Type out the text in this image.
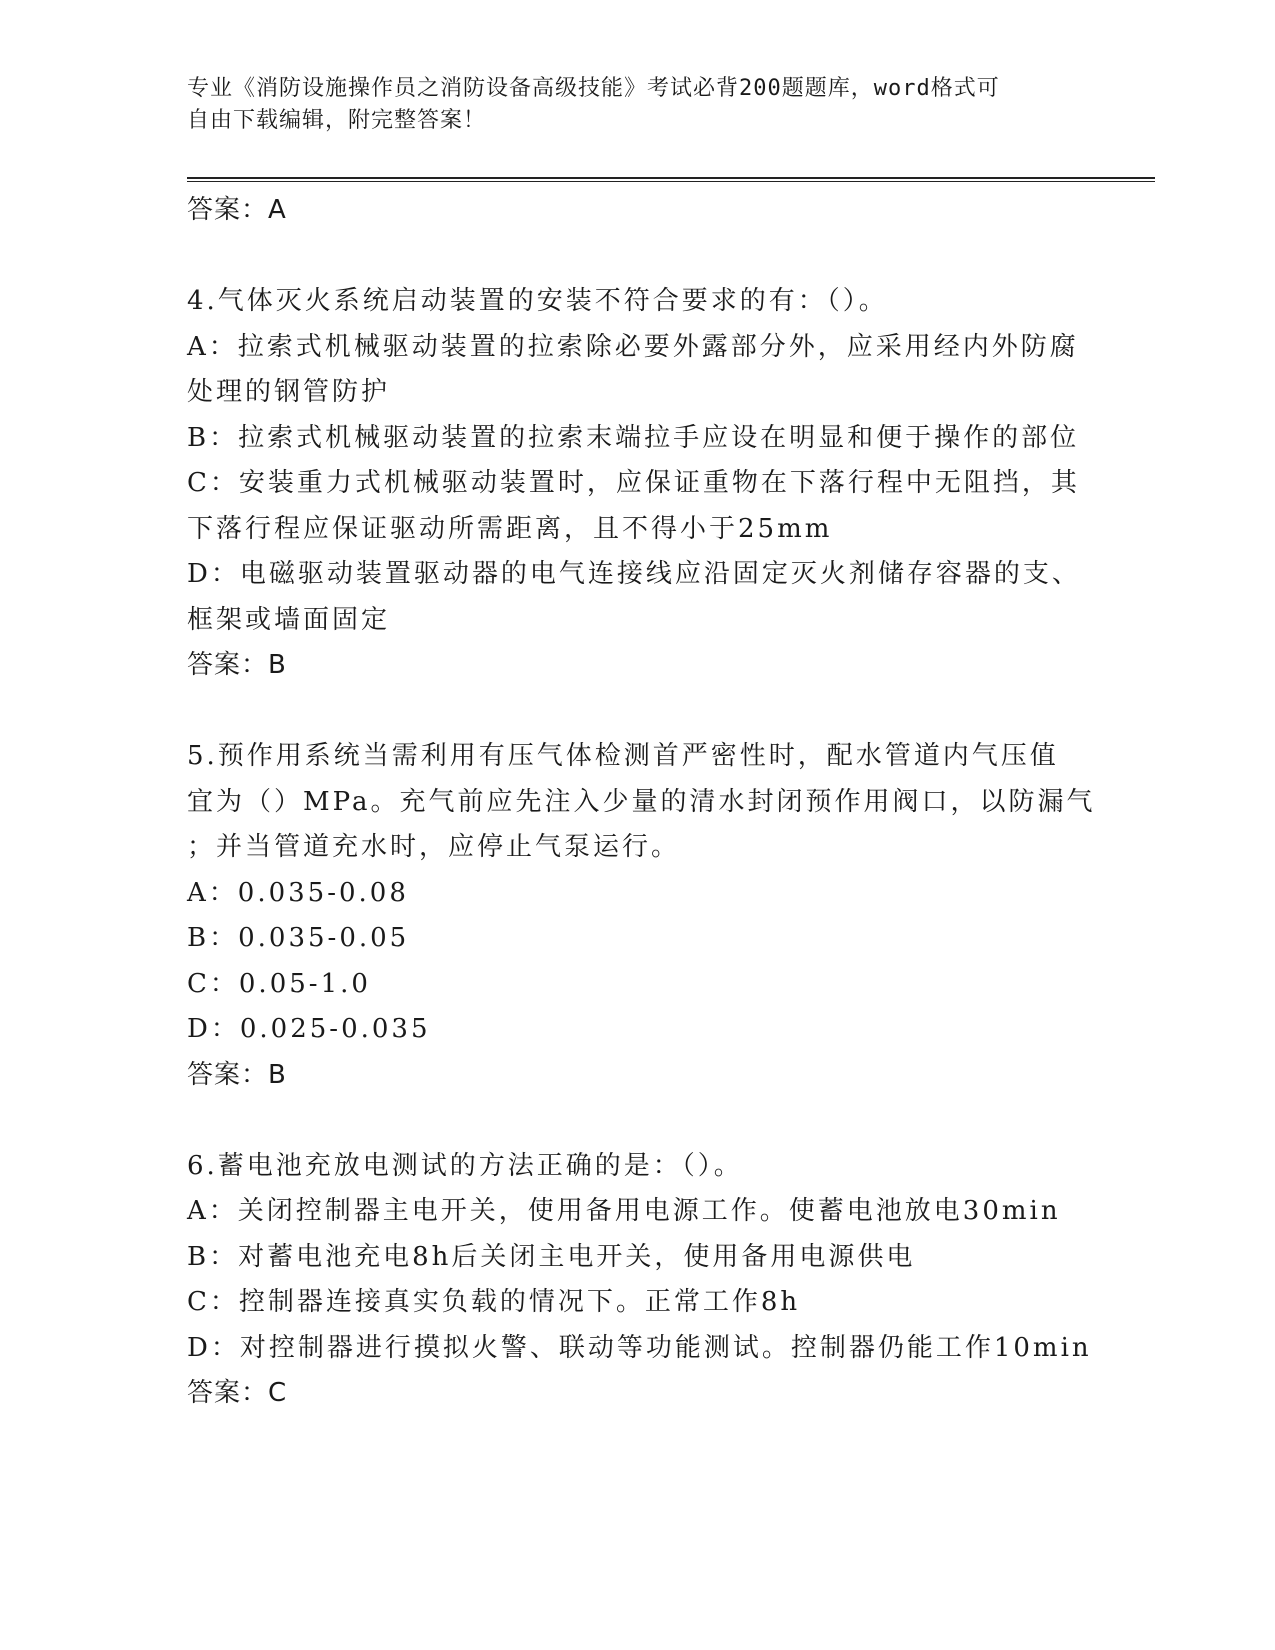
专业《消防设施操作员之消防设备高级技能》考试必背200题题库，word格式可
自由下载编辑，附完整答案！
答案：A
4.气体灭火系统启动装置的安装不符合要求的有：（）。
A：拉索式机械驱动装置的拉索除必要外露部分外，应采用经内外防腐
处理的钢管防护
B：拉索式机械驱动装置的拉索末端拉手应设在明显和便于操作的部位
C：安装重力式机械驱动装置时，应保证重物在下落行程中无阻挡，其
下落行程应保证驱动所需距离，且不得小于25mm
D：电磁驱动装置驱动器的电气连接线应沿固定灭火剂储存容器的支、
框架或墙面固定
答案：B
5.预作用系统当需利用有压气体检测首严密性时，配水管道内气压值
宜为（）MPa。充气前应先注入少量的清水封闭预作用阀口，以防漏气
；并当管道充水时，应停止气泵运行。
A：0.035-0.08
B：0.035-0.05
C：0.05-1.0
D：0.025-0.035
答案：B
6.蓄电池充放电测试的方法正确的是：（）。
A：关闭控制器主电开关，使用备用电源工作。使蓄电池放电30min
B：对蓄电池充电8h后关闭主电开关，使用备用电源供电
C：控制器连接真实负载的情况下。正常工作8h
D：对控制器进行摸拟火警、联动等功能测试。控制器仍能工作10min
答案：C
